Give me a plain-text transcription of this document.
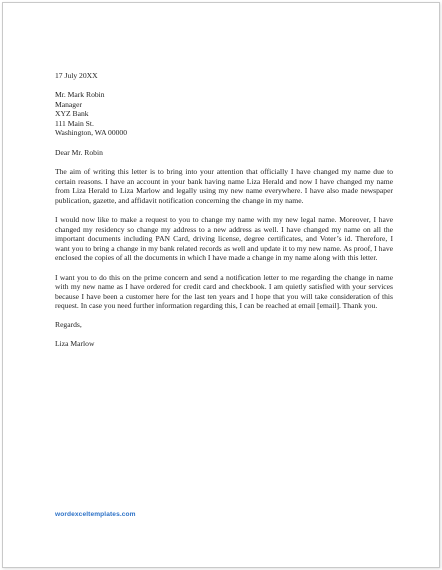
17 July 20XX

Mr. Mark Robin
Manager
XYZ Bank
111 Main St.
Washington, WA 00000

Dear Mr. Robin

The aim of writing this letter is to bring into your attention that officially I have changed my name due to certain reasons. I have an account in your bank having name Liza Herald and now I have changed my name from Liza Herald to Liza Marlow and legally using my new name everywhere. I have also made newspaper publication, gazette, and affidavit notification concerning the change in my name.

I would now like to make a request to you to change my name with my new legal name. Moreover, I have changed my residency so change my address to a new address as well. I have changed my name on all the important documents including PAN Card, driving license, degree certificates, and Voter’s id. Therefore, I want you to bring a change in my bank related records as well and update it to my new name. As proof, I have enclosed the copies of all the documents in which I have made a change in my name along with this letter.

I want you to do this on the prime concern and send a notification letter to me regarding the change in name with my new name as I have ordered for credit card and checkbook. I am quietly satisfied with your services because I have been a customer here for the last ten years and I hope that you will take consideration of this request. In case you need further information regarding this, I can be reached at email [email]. Thank you.

Regards,

Liza Marlow

wordexceltemplates.com
